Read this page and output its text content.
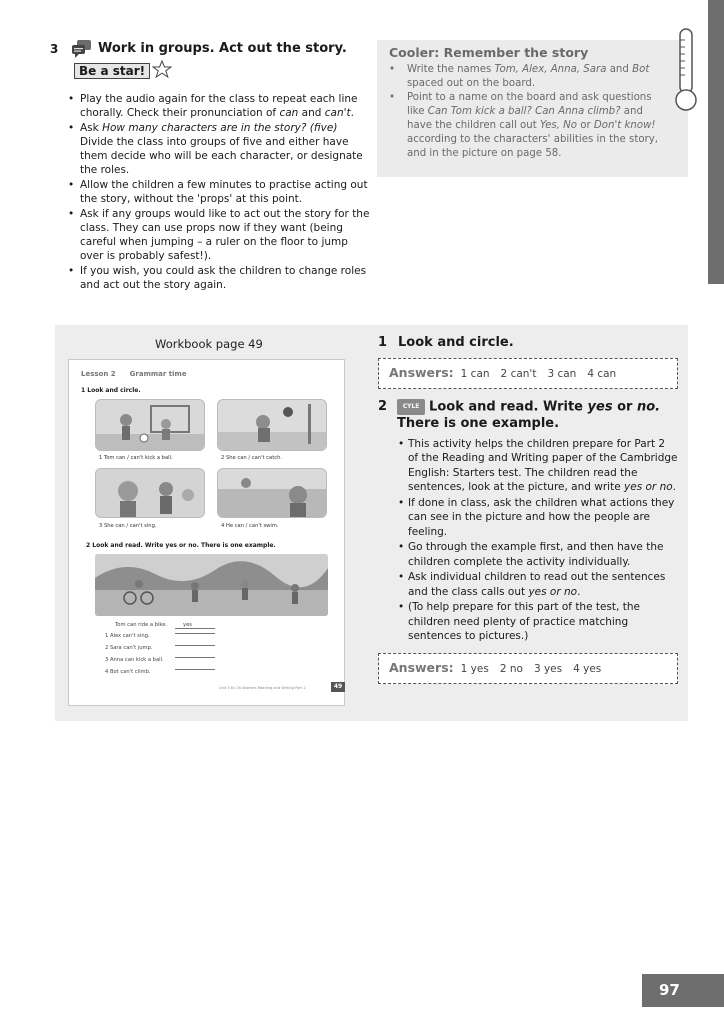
3	Work in groups. Act out the story.
Be a star!
• Play the audio again for the class to repeat each line chorally. Check their pronunciation of can and can't.
• Ask How many characters are in the story? (five) Divide the class into groups of five and either have them decide who will be each character, or designate the roles.
• Allow the children a few minutes to practise acting out the story, without the 'props' at this point.
• Ask if any groups would like to act out the story for the class. They can use props now if they want (being careful when jumping – a ruler on the floor to jump over is probably safest!).
• If you wish, you could ask the children to change roles and act out the story again.
Cooler: Remember the story
• Write the names Tom, Alex, Anna, Sara and Bot spaced out on the board.
• Point to a name on the board and ask questions like Can Tom kick a ball? Can Anna climb? and have the children call out Yes, No or Don't know! according to the characters' abilities in the story, and in the picture on page 58.
Workbook page 49
Lesson 2 Grammar time
1 Look and circle.
1 Tom can / can't kick a ball.	2 She can / can't catch.
3 She can / can't sing.	4 He can / can't swim.
2 Look and read. Write yes or no. There is one example.
Tom can ride a bike.	yes
1 Alex can't sing.
2 Sara can't jump.
3 Anna can kick a ball.
4 Bot can't climb.
Unit 5 Ex 2b Starters Reading and Writing Part 2	49
1 Look and circle.
Answers: 1 can 2 can't 3 can 4 can
2	CYLE Look and read. Write yes or no.
There is one example.
• This activity helps the children prepare for Part 2 of the Reading and Writing paper of the Cambridge English: Starters test. The children read the sentences, look at the picture, and write yes or no.
• If done in class, ask the children what actions they can see in the picture and how the people are feeling.
• Go through the example first, and then have the children complete the activity individually.
• Ask individual children to read out the sentences and the class calls out yes or no.
• (To help prepare for this part of the test, the children need plenty of practice matching sentences to pictures.)
Answers: 1 yes 2 no 3 yes 4 yes
97
